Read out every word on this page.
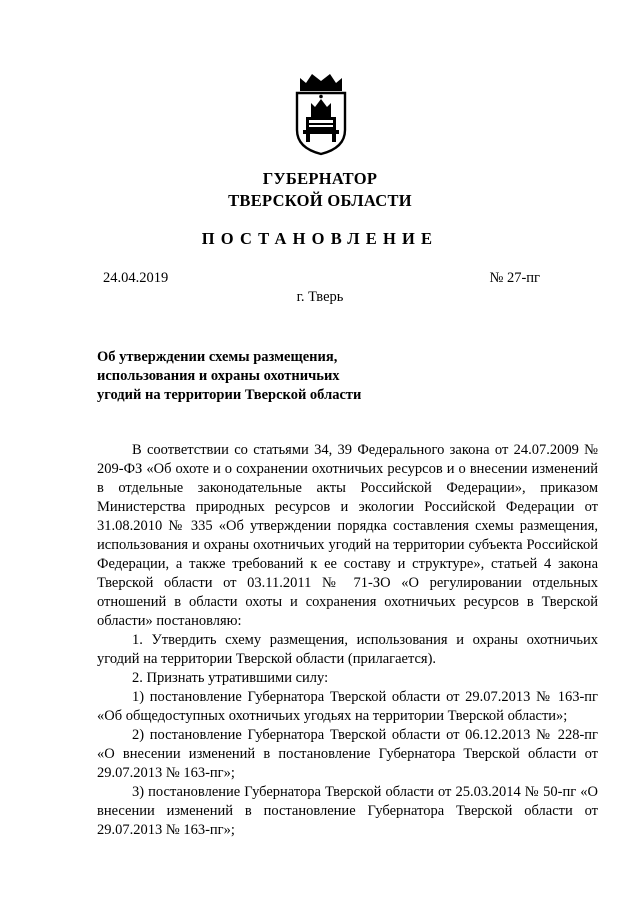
ГУБЕРНАТОР
ТВЕРСКОЙ ОБЛАСТИ
ПОСТАНОВЛЕНИЕ
24.04.2019	№ 27-пг
г. Тверь
Об утверждении схемы размещения,
использования и охраны охотничьих
угодий на территории Тверской области

В соответствии со статьями 34, 39 Федерального закона от 24.07.2009 № 209-ФЗ «Об охоте и о сохранении охотничьих ресурсов и о внесении изменений в отдельные законодательные акты Российской Федерации», приказом Министерства природных ресурсов и экологии Российской Федерации от 31.08.2010 № 335 «Об утверждении порядка составления схемы размещения, использования и охраны охотничьих угодий на территории субъекта Российской Федерации, а также требований к ее составу и структуре», статьей 4 закона Тверской области от 03.11.2011 № 71-ЗО «О регулировании отдельных отношений в области охоты и сохранения охотничьих ресурсов в Тверской области» постановляю:

1. Утвердить схему размещения, использования и охраны охотничьих угодий на территории Тверской области (прилагается).

2. Признать утратившими силу:

1) постановление Губернатора Тверской области от 29.07.2013 № 163-пг «Об общедоступных охотничьих угодьях на территории Тверской области»;

2) постановление Губернатора Тверской области от 06.12.2013 № 228-пг «О внесении изменений в постановление Губернатора Тверской области от 29.07.2013 № 163-пг»;

3) постановление Губернатора Тверской области от 25.03.2014 № 50-пг «О внесении изменений в постановление Губернатора Тверской области от 29.07.2013 № 163-пг»;
